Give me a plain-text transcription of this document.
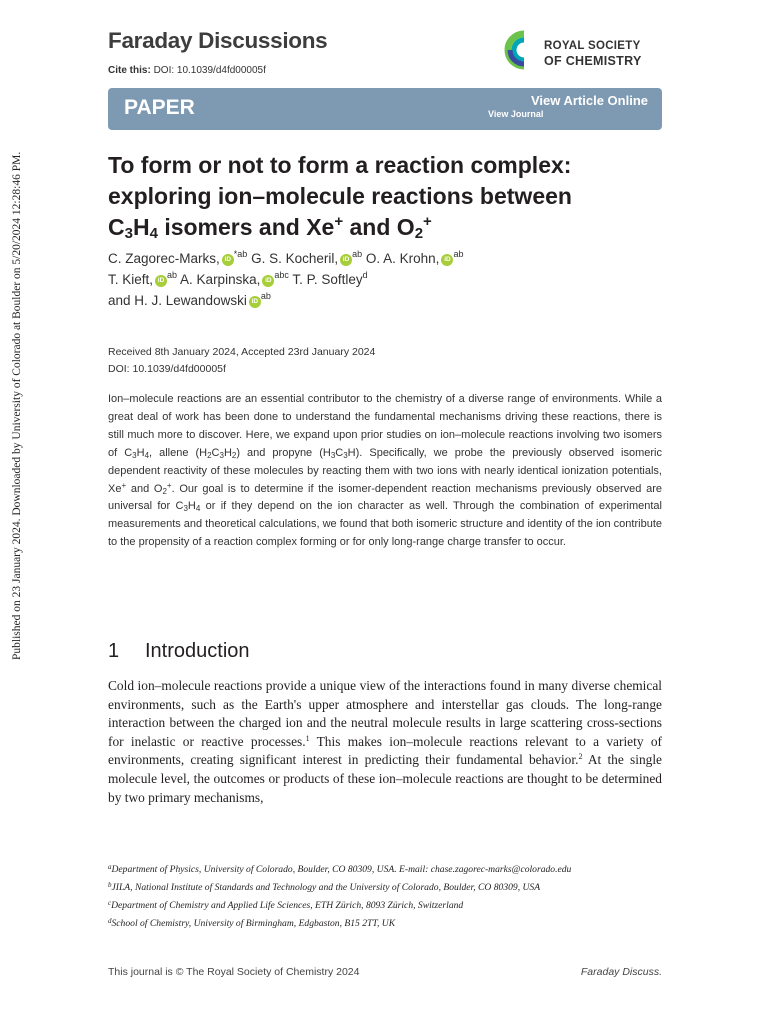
Published on 23 January 2024. Downloaded by University of Colorado at Boulder on 5/20/2024 12:28:46 PM.
Faraday Discussions
Cite this: DOI: 10.1039/d4fd00005f
ROYAL SOCIETY
OF CHEMISTRY
PAPER	View Article Online
View Journal
To form or not to form a reaction complex:
exploring ion–molecule reactions between
$C_3H_4$ isomers and Xe+ and $O_2^+$
C. Zagorec-Marks, $iD^{*ab}$ G. S. Kocheril, $iD^{ab}$ O. A. Krohn, $iD^{ab}$
T. Kieft, $iD^{ab}$ A. Karpinska, $iD^{abc}$ T. P. Softley$^d$
and H. J. Lewandowski $iD^{ab}$
Received 8th January 2024, Accepted 23rd January 2024
DOI: 10.1039/d4fd00005f
Ion–molecule reactions are an essential contributor to the chemistry of a diverse range of environments. While a great deal of work has been done to understand the fundamental mechanisms driving these reactions, there is still much more to discover. Here, we expand upon prior studies on ion–molecule reactions involving two isomers of $C_3H_4$, allene $(H_2C_3H_2)$ and propyne $(H_3C_3H)$. Specifically, we probe the previously observed isomeric dependent reactivity of these molecules by reacting them with two ions with nearly identical ionization potentials, Xe+ and $O_2^+$. Our goal is to determine if the isomer-dependent reaction mechanisms previously observed are universal for $C_3H_4$ or if they depend on the ion character as well. Through the combination of experimental measurements and theoretical calculations, we found that both isomeric structure and identity of the ion contribute to the propensity of a reaction complex forming or for only long-range charge transfer to occur.
1 Introduction
Cold ion–molecule reactions provide a unique view of the interactions found in many diverse chemical environments, such as the Earth's upper atmosphere and interstellar gas clouds. The long-range interaction between the charged ion and the neutral molecule results in large scattering cross-sections for inelastic or reactive processes.$^1$ This makes ion–molecule reactions relevant to a variety of environments, creating significant interest in predicting their fundamental behavior.$^2$ At the single molecule level, the outcomes or products of these ion–molecule reactions are thought to be determined by two primary mechanisms,
$^a$Department of Physics, University of Colorado, Boulder, CO 80309, USA. E-mail: chase.zagorec-marks@colorado.edu
$^b$JILA, National Institute of Standards and Technology and the University of Colorado, Boulder, CO 80309, USA
$^c$Department of Chemistry and Applied Life Sciences, ETH Zürich, 8093 Zürich, Switzerland
$^d$School of Chemistry, University of Birmingham, Edgbaston, B15 2TT, UK
This journal is © The Royal Society of Chemistry 2024	Faraday Discuss.
